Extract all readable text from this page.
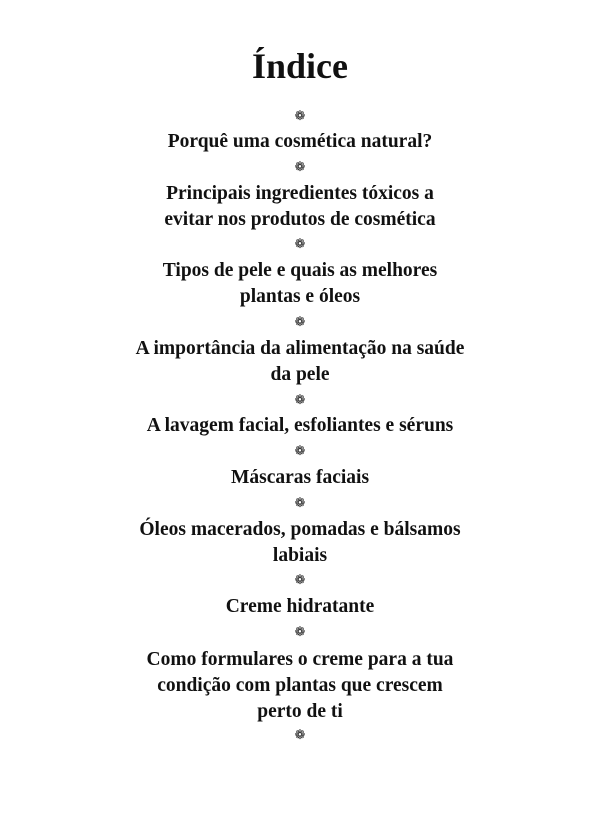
Índice
❁

Porquê uma cosmética natural?

❁

Principais ingredientes tóxicos a
evitar nos produtos de cosmética

❁

Tipos de pele e quais as melhores
plantas e óleos

❁

A importância da alimentação na saúde
da pele

❁

A lavagem facial, esfoliantes e séruns

❁

Máscaras faciais

❁

Óleos macerados, pomadas e bálsamos
labiais

❁

Creme hidratante

❁

Como formulares o creme para a tua
condição com plantas que crescem
perto de ti

❁
